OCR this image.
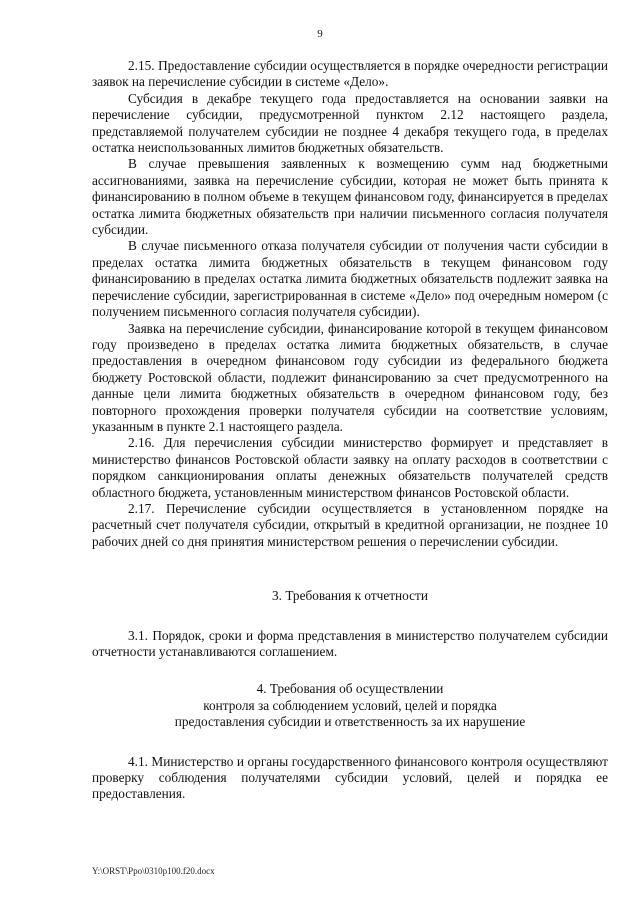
9

2.15. Предоставление субсидии осуществляется в порядке очередности регистрации заявок на перечисление субсидии в системе «Дело».

Субсидия в декабре текущего года предоставляется на основании заявки на перечисление субсидии, предусмотренной пунктом 2.12 настоящего раздела, представляемой получателем субсидии не позднее 4 декабря текущего года, в пределах остатка неиспользованных лимитов бюджетных обязательств.

В случае превышения заявленных к возмещению сумм над бюджетными ассигнованиями, заявка на перечисление субсидии, которая не может быть принята к финансированию в полном объеме в текущем финансовом году, финансируется в пределах остатка лимита бюджетных обязательств при наличии письменного согласия получателя субсидии.

В случае письменного отказа получателя субсидии от получения части субсидии в пределах остатка лимита бюджетных обязательств в текущем финансовом году финансированию в пределах остатка лимита бюджетных обязательств подлежит заявка на перечисление субсидии, зарегистрированная в системе «Дело» под очередным номером (с получением письменного согласия получателя субсидии).

Заявка на перечисление субсидии, финансирование которой в текущем финансовом году произведено в пределах остатка лимита бюджетных обязательств, в случае предоставления в очередном финансовом году субсидии из федерального бюджета бюджету Ростовской области, подлежит финансированию за счет предусмотренного на данные цели лимита бюджетных обязательств в очередном финансовом году, без повторного прохождения проверки получателя субсидии на соответствие условиям, указанным в пункте 2.1 настоящего раздела.

2.16. Для перечисления субсидии министерство формирует и представляет в министерство финансов Ростовской области заявку на оплату расходов в соответствии с порядком санкционирования оплаты денежных обязательств получателей средств областного бюджета, установленным министерством финансов Ростовской области.

2.17. Перечисление субсидии осуществляется в установленном порядке на расчетный счет получателя субсидии, открытый в кредитной организации, не позднее 10 рабочих дней со дня принятия министерством решения о перечислении субсидии.

3. Требования к отчетности

3.1. Порядок, сроки и форма представления в министерство получателем субсидии отчетности устанавливаются соглашением.

4. Требования об осуществлении

контроля за соблюдением условий, целей и порядка

предоставления субсидии и ответственность за их нарушение

4.1. Министерство и органы государственного финансового контроля осуществляют проверку соблюдения получателями субсидии условий, целей и порядка ее предоставления.

Y:\ORST\Ppo\0310p100.f20.docx
